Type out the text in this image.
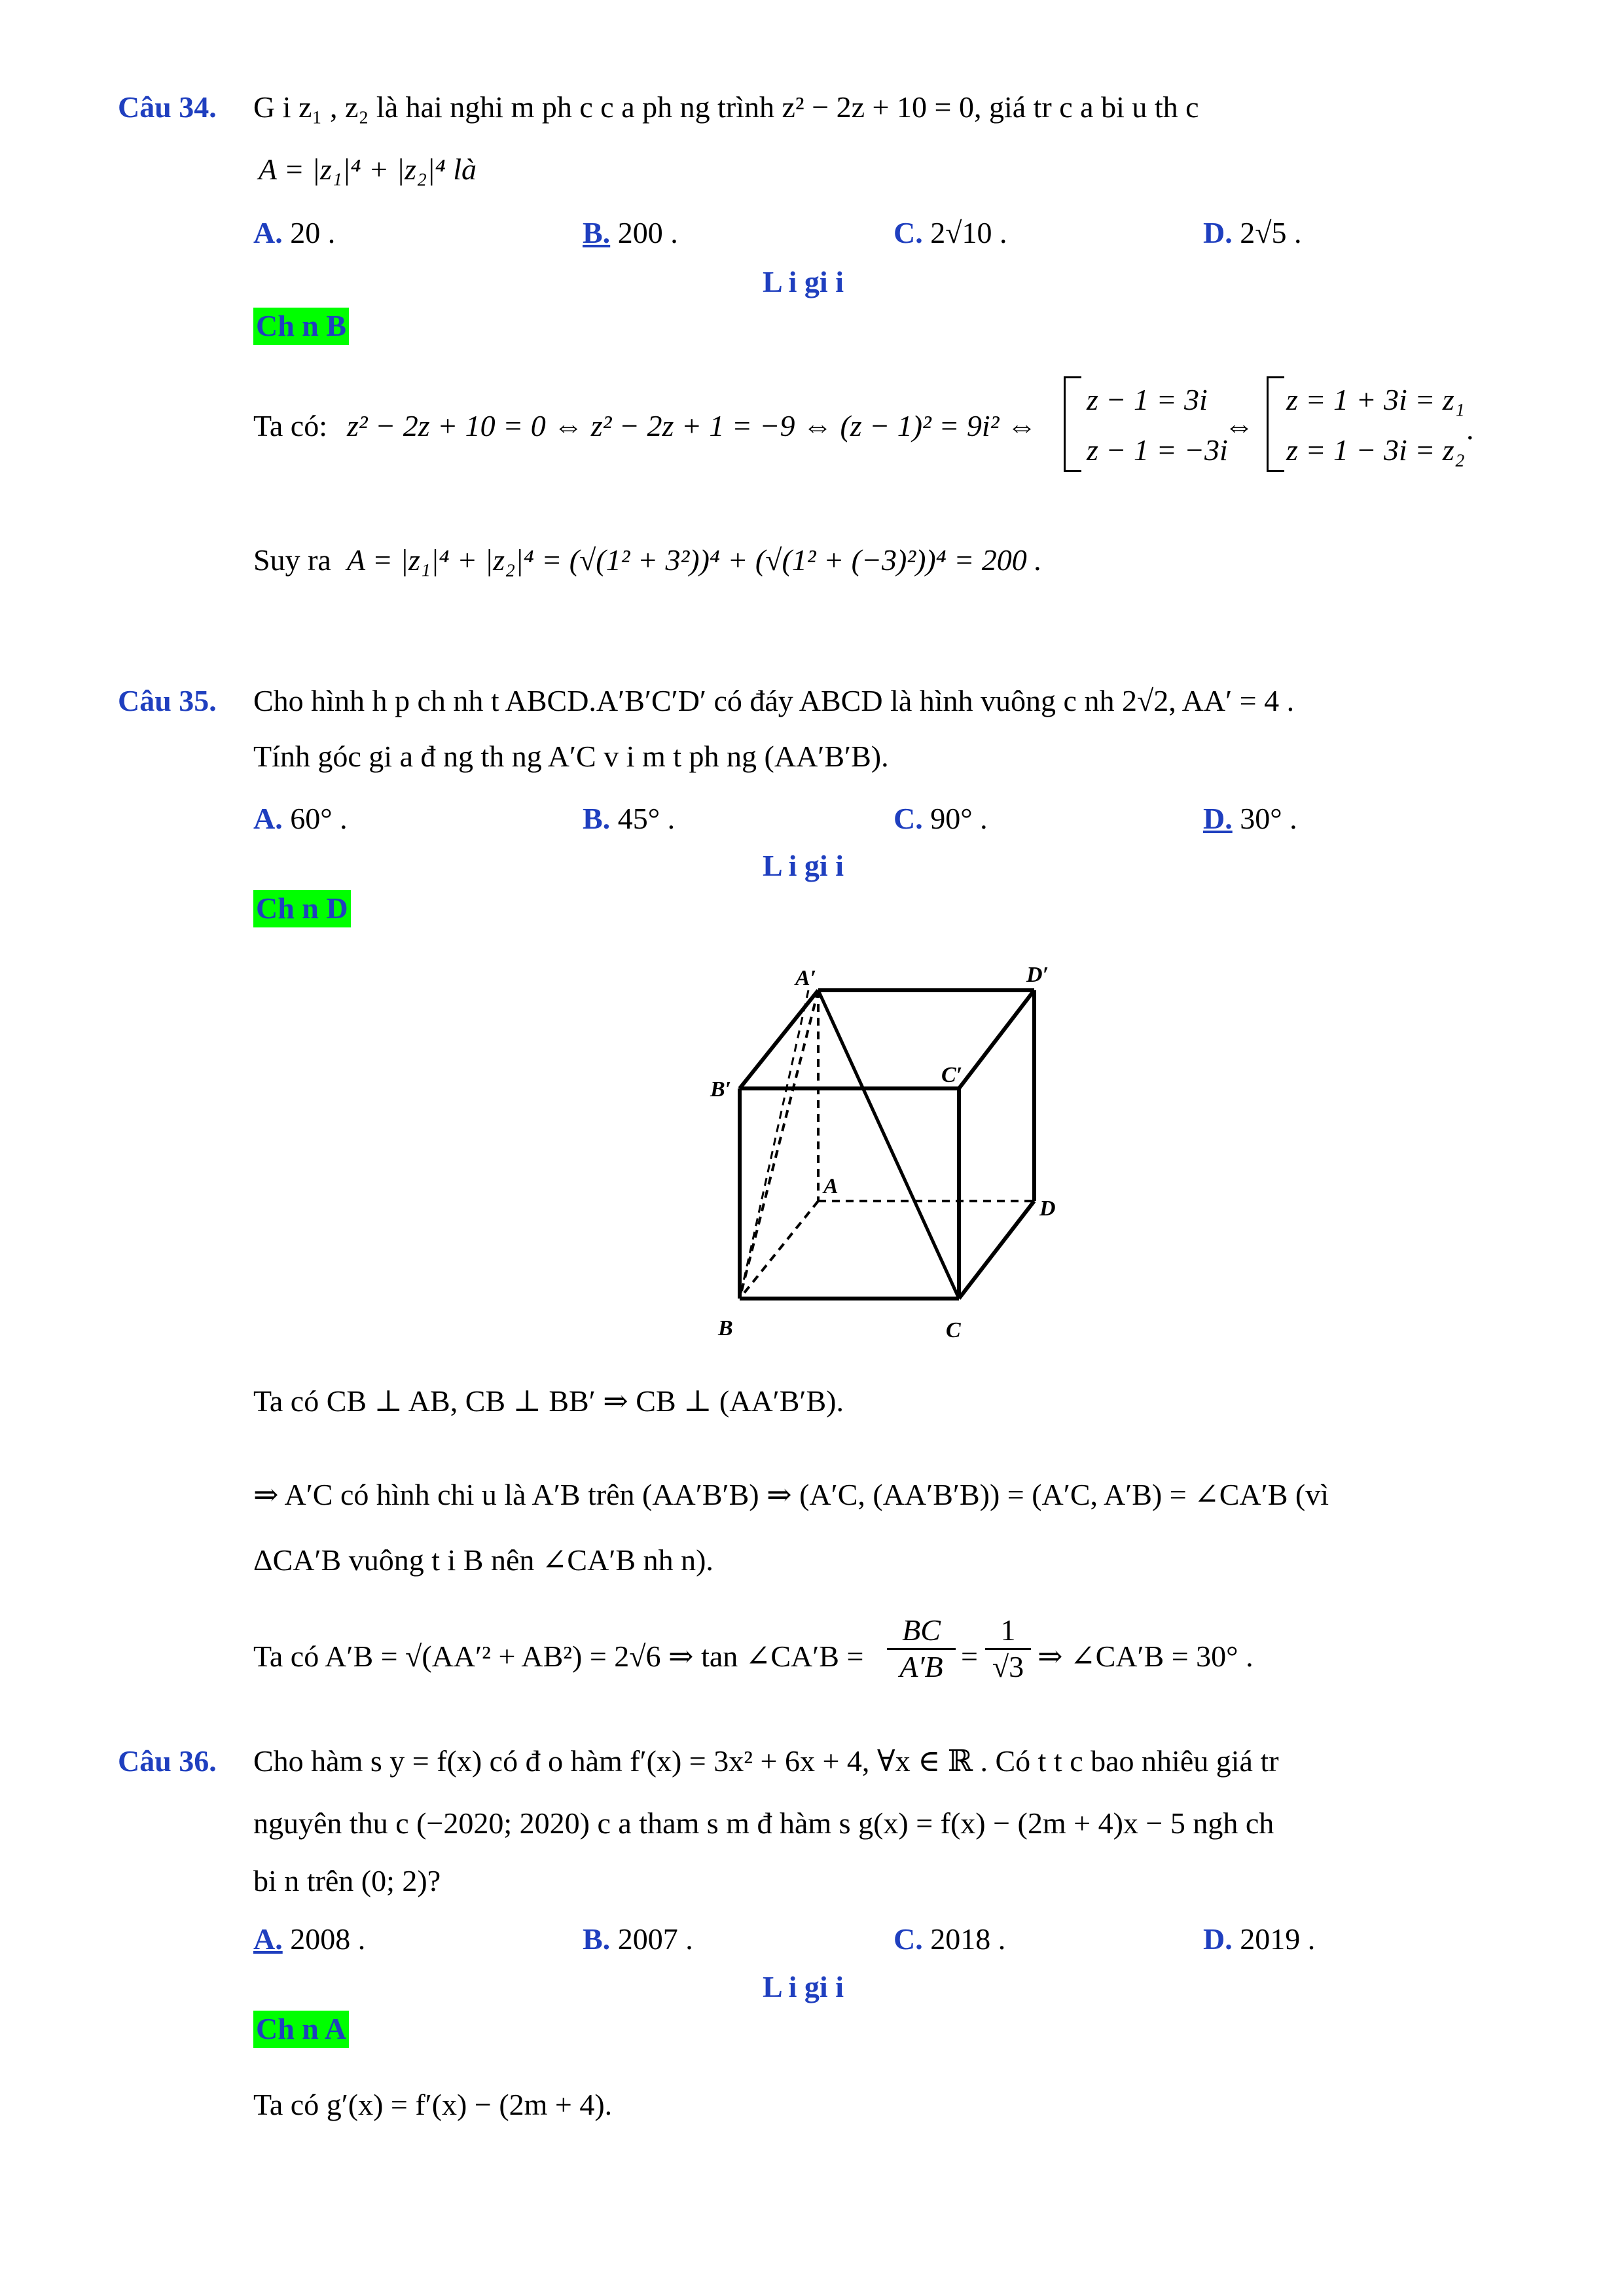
Câu 34. G i z₁ , z₂ là hai nghi m ph c c a ph ng trình z² − 2z + 10 = 0, giá tr c a bi u th c
A = |z₁|⁴ + |z₂|⁴ là
A. 20 .	B. 200 .	C. 2√10 .	D. 2√5 .
L i gi i
Ch n B
Ta có: z² − 2z + 10 = 0 ⇔ z² − 2z + 1 = −9 ⇔ (z − 1)² = 9i² ⇔
z − 1 = 3i
z − 1 = −3i
⇔
z = 1 + 3i = z₁
z = 1 − 3i = z₂
.
Suy ra A = |z₁|⁴ + |z₂|⁴ = (√(1² + 3²))⁴ + (√(1² + (−3)²))⁴ = 200 .
Câu 35. Cho hình h p ch nh t ABCD.A′B′C′D′ có đáy ABCD là hình vuông c nh 2√2, AA′ = 4 .
Tính góc gi a đ ng th ng A′C v i m t ph ng (AA′B′B).
A. 60° .	B. 45° .	C. 90° .	D. 30° .
L i gi i
Ch n D
A′	D′
B′
C′
A
D
B	C
Ta có CB ⊥ AB, CB ⊥ BB′ ⇒ CB ⊥ (AA′B′B).
⇒ A′C có hình chi u là A′B trên (AA′B′B) ⇒ (A′C, (AA′B′B)) = (A′C, A′B) = ∠CA′B (vì
ΔCA′B vuông t i B nên ∠CA′B nh n).
Ta có A′B = √(AA′² + AB²) = 2√6 ⇒ tan ∠CA′B = $\frac{BC}{A'B} = \frac{1}{√3}$ ⇒ ∠CA′B = 30° .
Câu 36. Cho hàm s y = f(x) có đ o hàm f′(x) = 3x² + 6x + 4, ∀x ∈ ℝ . Có t t c bao nhiêu giá tr
nguyên thu c (−2020; 2020) c a tham s m đ hàm s g(x) = f(x) − (2m + 4)x − 5 ngh ch
bi n trên (0; 2)?
A. 2008 .	B. 2007 .	C. 2018 .	D. 2019 .
L i gi i
Ch n A
Ta có g′(x) = f′(x) − (2m + 4).
